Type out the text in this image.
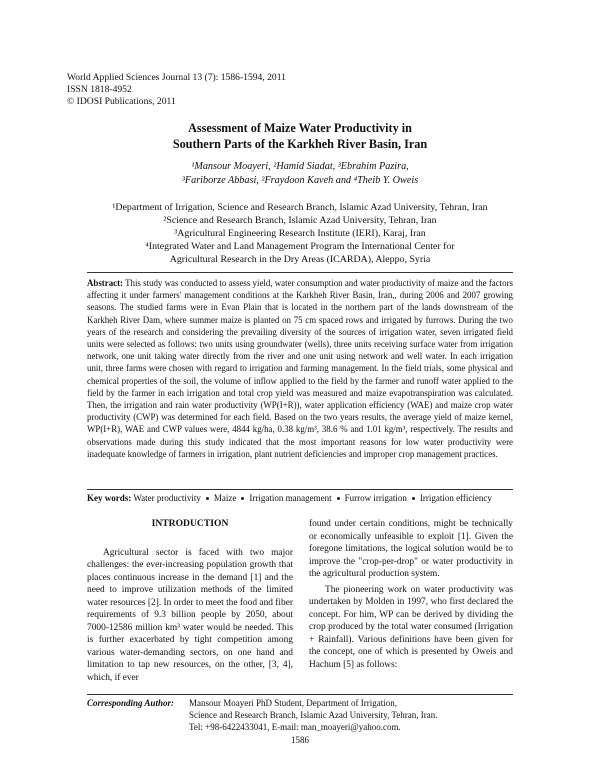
World Applied Sciences Journal 13 (7): 1586-1594, 2011
ISSN 1818-4952
© IDOSI Publications, 2011
Assessment of Maize Water Productivity in
Southern Parts of the Karkheh River Basin, Iran
¹Mansour Moayeri, ²Hamid Siadat, ³Ebrahim Pazira,
³Fariborze Abbasi, ²Fraydoon Kaveh and ⁴Theib Y. Oweis
¹Department of Irrigation, Science and Research Branch, Islamic Azad University, Tehran, Iran
²Science and Research Branch, Islamic Azad University, Tehran, Iran
³Agricultural Engineering Research Institute (IERI), Karaj, Iran
⁴Integrated Water and Land Management Program the International Center for
Agricultural Research in the Dry Areas (ICARDA), Aleppo, Syria
Abstract: This study was conducted to assess yield, water consumption and water productivity of maize and the factors affecting it under farmers' management conditions at the Karkheh River Basin, Iran,, during 2006 and 2007 growing seasons. The studied farms were in Evan Plain that is located in the northern part of the lands downstream of the Karkheh River Dam, where summer maize is planted on 75 cm spaced rows and irrigated by furrows. During the two years of the research and considering the prevailing diversity of the sources of irrigation water, seven irrigated field units were selected as follows: two units using groundwater (wells), three units receiving surface water from irrigation network, one unit taking water directly from the river and one unit using network and well water. In each irrigation unit, three farms were chosen with regard to irrigation and farming management. In the field trials, some physical and chemical properties of the soil, the volume of inflow applied to the field by the farmer and runoff water applied to the field by the farmer in each irrigation and total crop yield was measured and maize evapotranspiration was calculated. Then, the irrigation and rain water productivity (WP(I+R)), water application efficiency (WAE) and maize crop water productivity (CWP) was determined for each field. Based on the two years results, the average yield of maize kernel, WP(I+R), WAE and CWP values were, 4844 kg/ha, 0.38 kg/m³, 38.6 % and 1.01 kg/m³, respectively. The results and observations made during this study indicated that the most important reasons for low water productivity were inadequate knowledge of farmers in irrigation, plant nutrient deficiencies and improper crop management practices.
Key words: Water productivity Maize Irrigation management Furrow irrigation Irrigation efficiency
INTRODUCTION

Agricultural sector is faced with two major challenges: the ever-increasing population growth that places continuous increase in the demand [1] and the need to improve utilization methods of the limited water resources [2]. In order to meet the food and fiber requirements of 9.3 billion people by 2050, about 7000-12586 million km³ water would be needed. This is further exacerbated by tight competition among various water-demanding sectors, on one hand and limitation to tap new resources, on the other, [3, 4], which, if ever

found under certain conditions, might be technically or economically unfeasible to exploit [1]. Given the foregone limitations, the logical solution would be to improve the "crop-per-drop" or water productivity in the agricultural production system.

The pioneering work on water productivity was undertaken by Molden in 1997, who first declared the concept. For him, WP can be derived by dividing the crop produced by the total water consumed (Irrigation + Rainfall). Various definitions have been given for the concept, one of which is presented by Oweis and Hachum [5] as follows:

Corresponding Author: Mansour Moayeri PhD Student, Department of Irrigation,
Science and Research Branch, Islamic Azad University, Tehran, Iran.
Tel: +98-6422433041, E-mail: man_moayeri@yahoo.com.
1586
